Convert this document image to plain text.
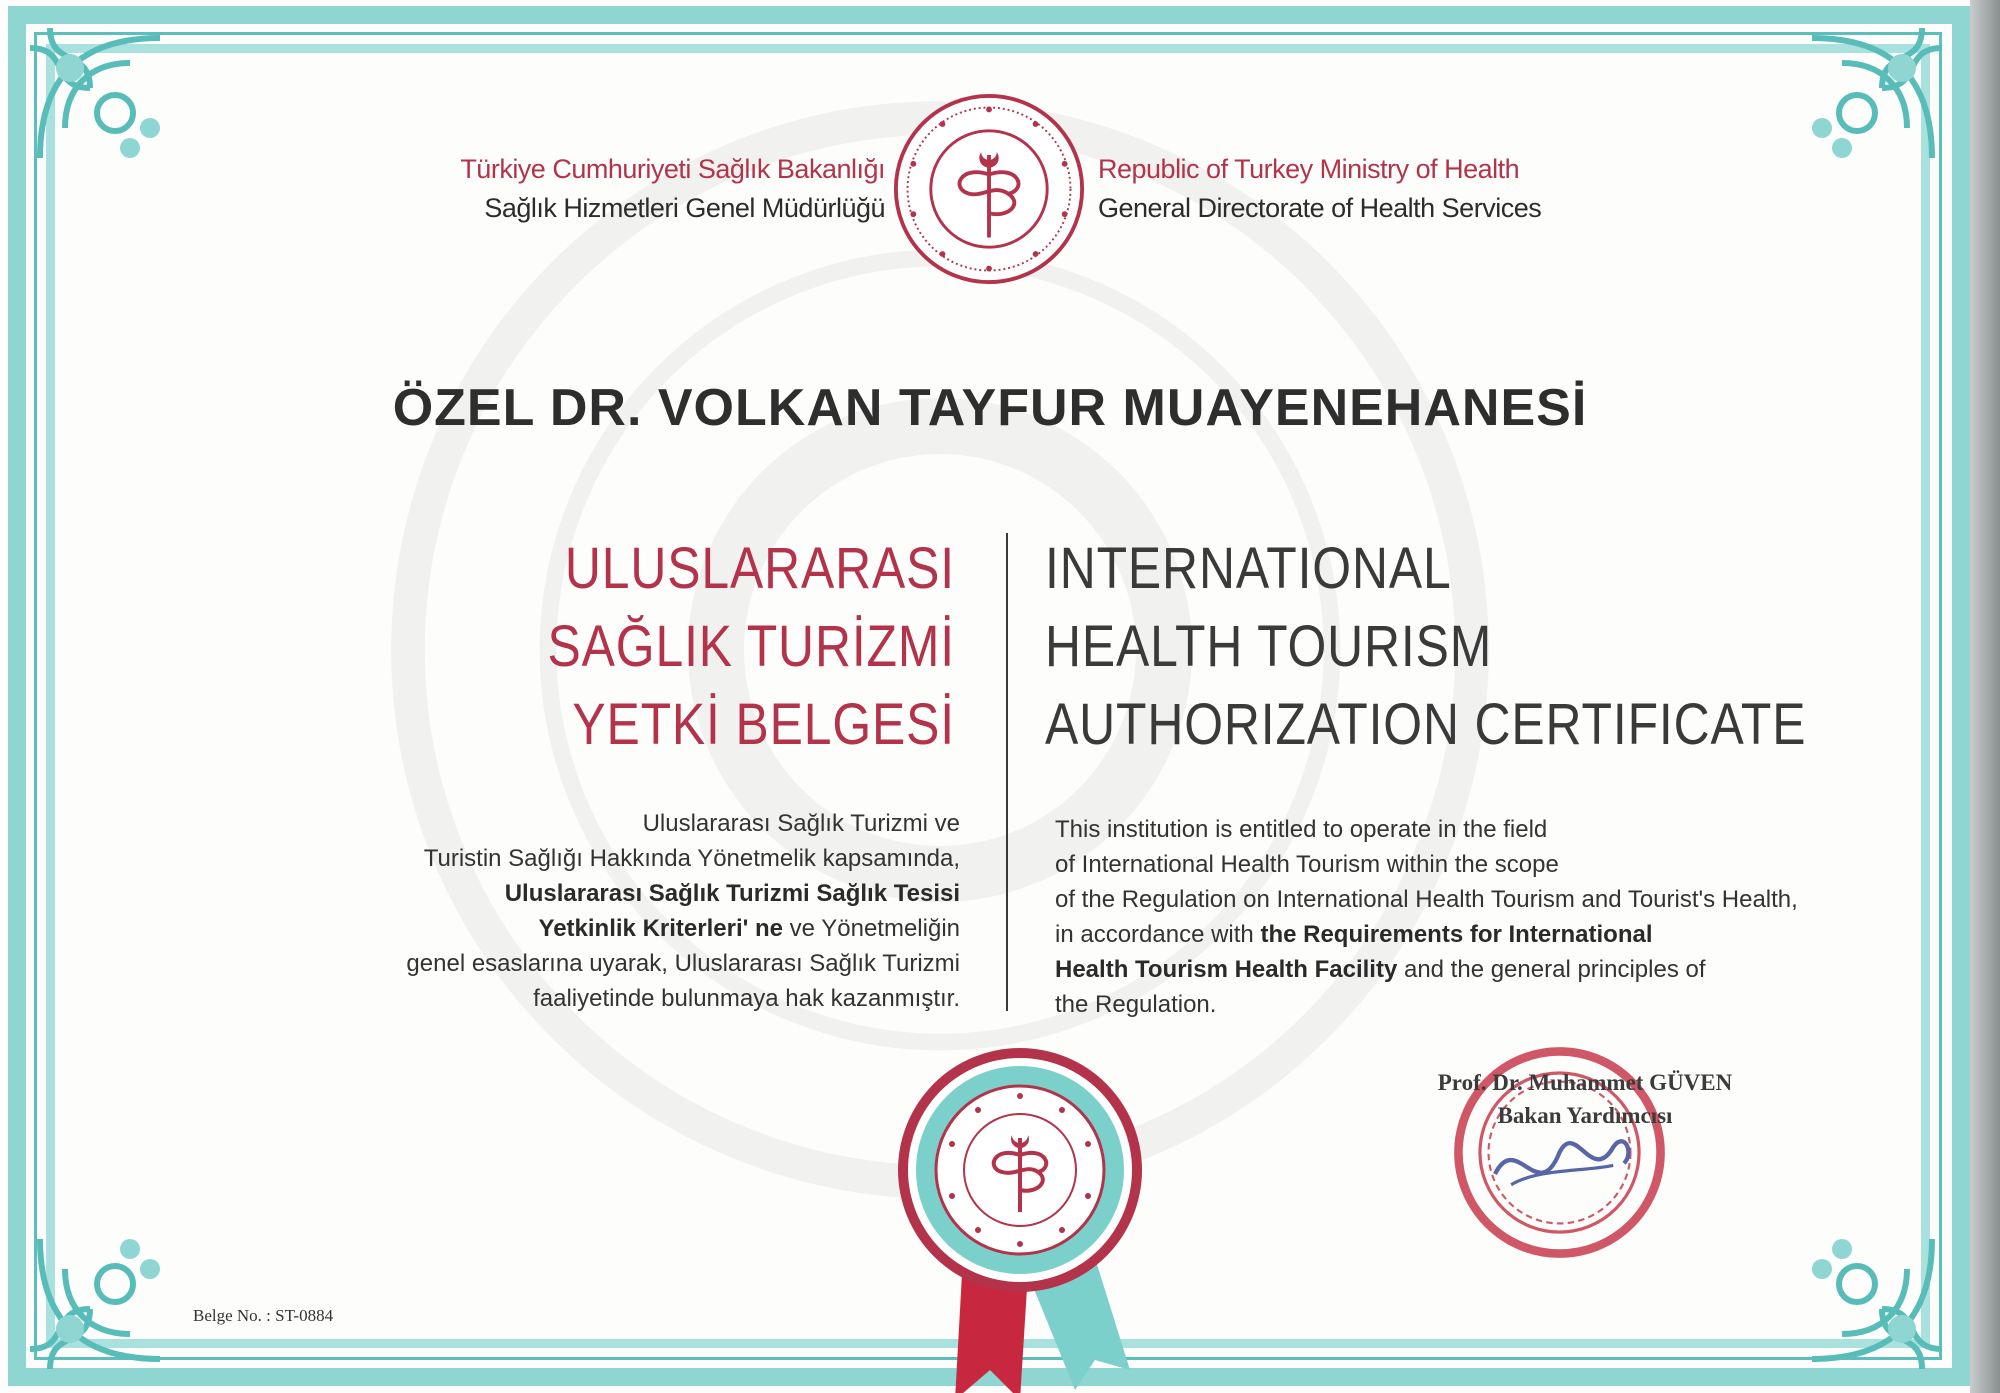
Türkiye Cumhuriyeti Sağlık Bakanlığı
Sağlık Hizmetleri Genel Müdürlüğü
Republic of Turkey Ministry of Health
General Directorate of Health Services
ÖZEL DR. VOLKAN TAYFUR MUAYENEHANESİ
ULUSLARARASI
SAĞLIK TURİZMİ
YETKİ BELGESİ
INTERNATIONAL
HEALTH TOURISM
AUTHORIZATION CERTIFICATE
Uluslararası Sağlık Turizmi ve
Turistin Sağlığı Hakkında Yönetmelik kapsamında,
Uluslararası Sağlık Turizmi Sağlık Tesisi
Yetkinlik Kriterleri' ne ve Yönetmeliğin
genel esaslarına uyarak, Uluslararası Sağlık Turizmi
faaliyetinde bulunmaya hak kazanmıştır.
This institution is entitled to operate in the field
of International Health Tourism within the scope
of the Regulation on International Health Tourism and Tourist's Health,
in accordance with the Requirements for International
Health Tourism Health Facility and the general principles of
the Regulation.
Prof. Dr. Muhammet GÜVEN
Bakan Yardımcısı
Belge No. : ST-0884
